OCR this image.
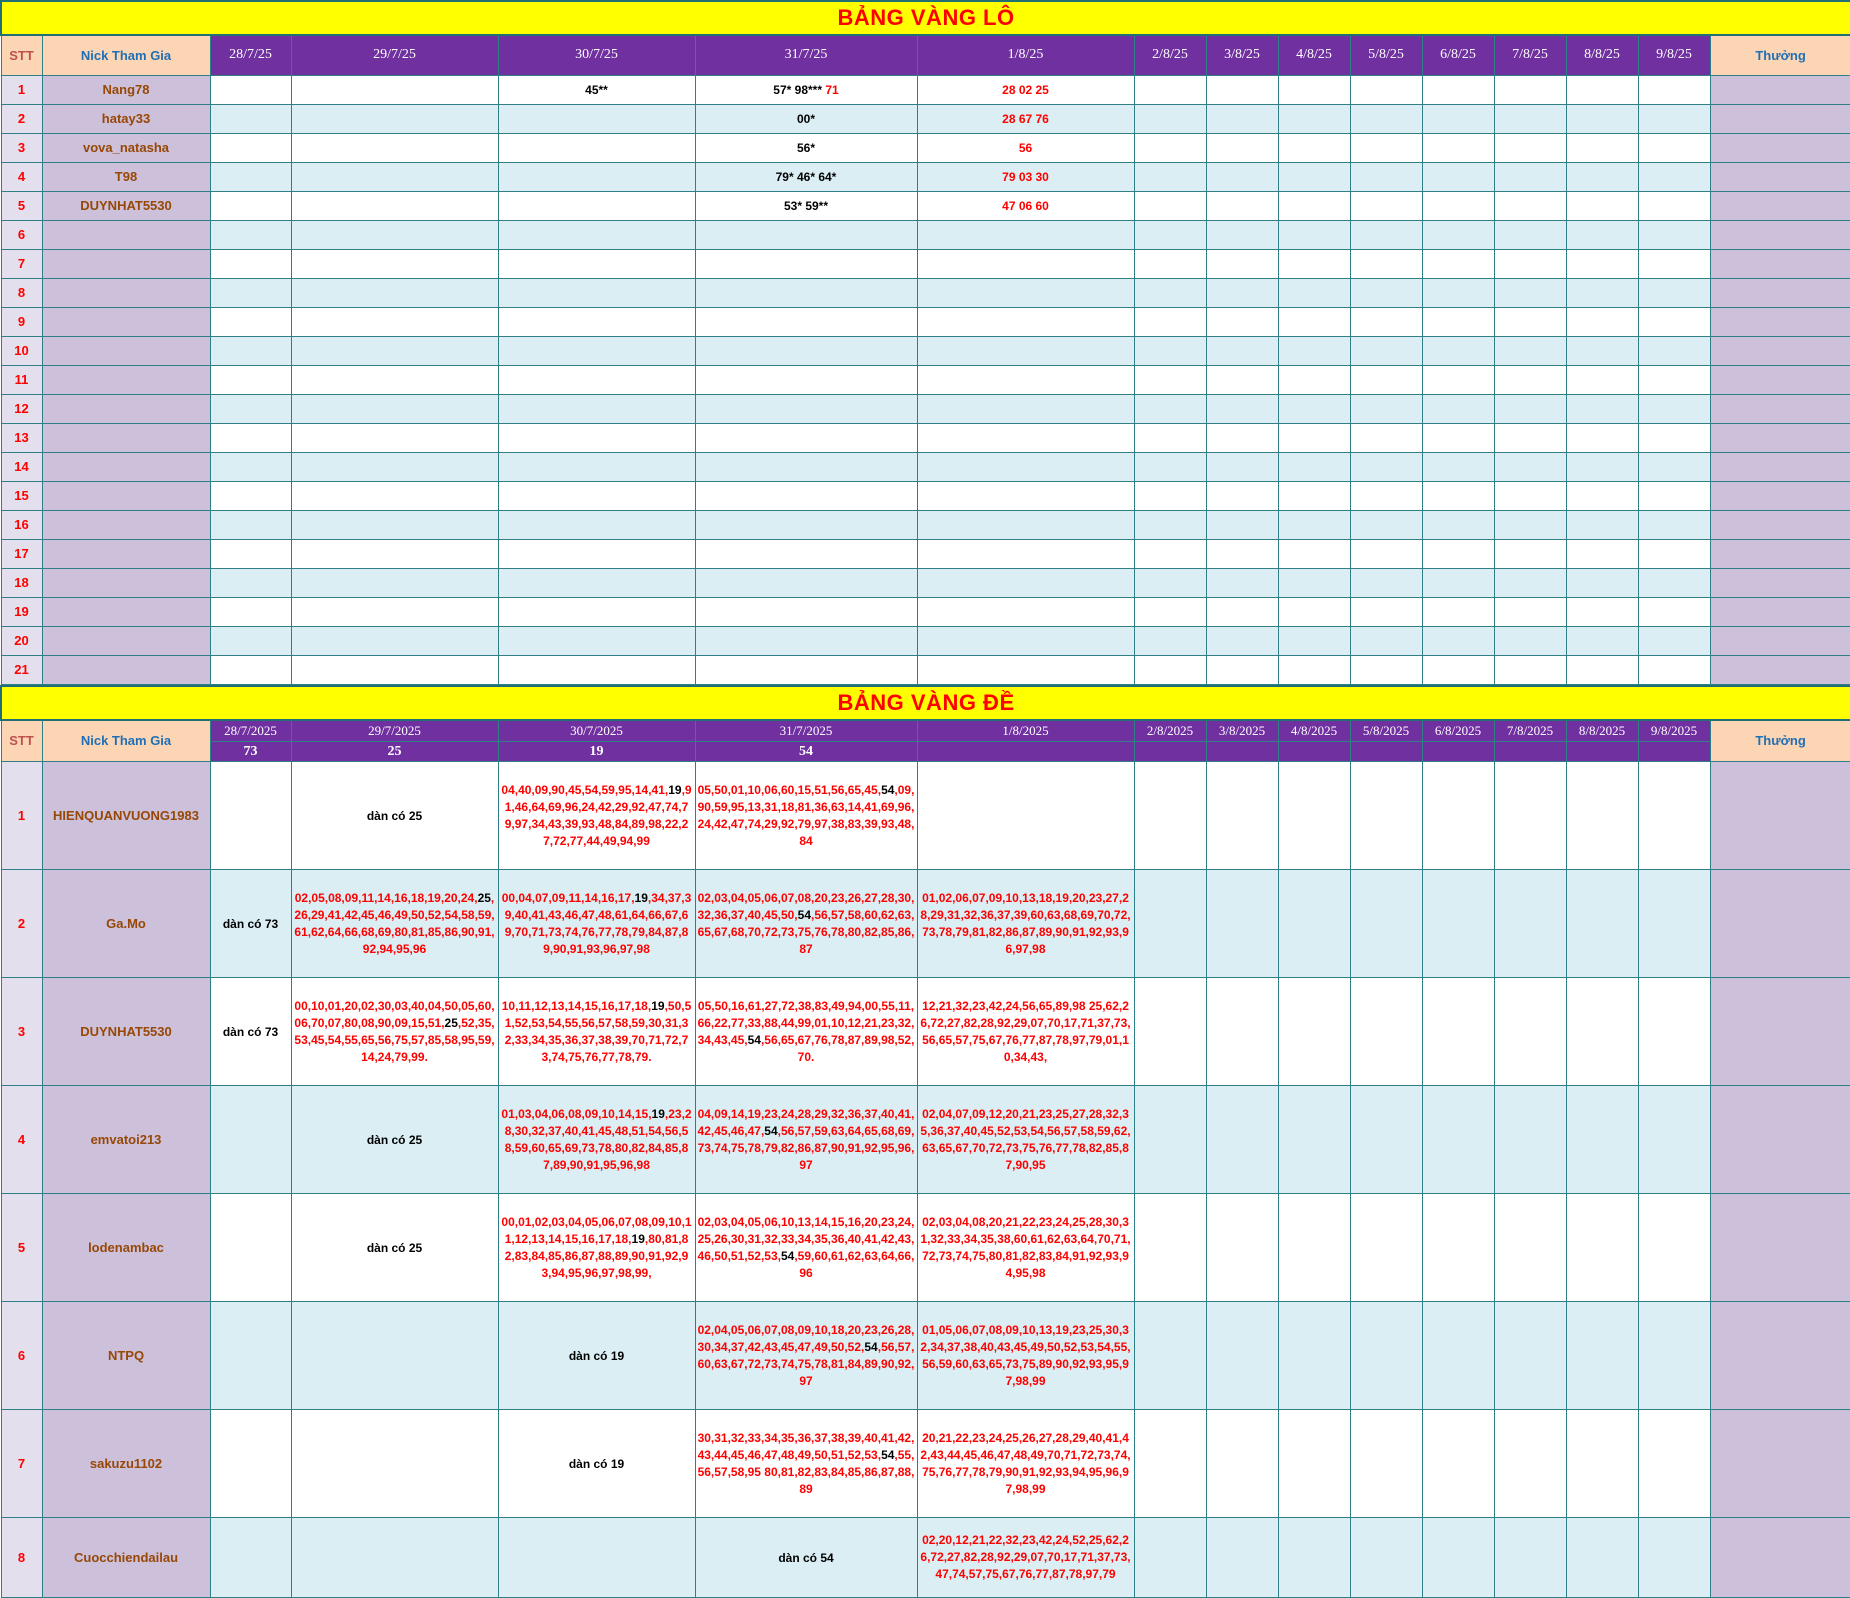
BẢNG VÀNG LÔ															
STT	Nick Tham Gia	28/7/25	29/7/25	30/7/25	31/7/25	1/8/25	2/8/25	3/8/25	4/8/25	5/8/25	6/8/25	7/8/25	8/8/25	9/8/25	Thưởng
1	Nang78			45**	57* 98*** 71	28 02 25									
2	hatay33				00*	28 67 76									
3	vova_natasha				56*	56									
4	T98				79* 46* 64*	79 03 30									
5	DUYNHAT5530				53* 59**	47 06 60									
6															
7															
8															
9															
10															
11															
12															
13															
14															
15															
16															
17															
18															
19															
20															
21															
BẢNG VÀNG ĐỀ															
STT	Nick Tham Gia	28/7/2025	29/7/2025	30/7/2025	31/7/2025	1/8/2025	2/8/2025	3/8/2025	4/8/2025	5/8/2025	6/8/2025	7/8/2025	8/8/2025	9/8/2025	Thưởng
		73	25	19	54										
1	HIENQUANVUONG1983		dàn có 25	04,40,09,90,45,54,59,95,14,41,19,91,46,64,69,96,24,42,29,92,47,74,79,97,34,43,39,93,48,84,89,98,22,27,72,77,44,49,94,99	05,50,01,10,06,60,15,51,56,65,45,54,09,90,59,95,13,31,18,81,36,63,14,41,69,96,24,42,47,74,29,92,79,97,38,83,39,93,48,84										

2	Ga.Mo	dàn có 73	02,05,08,09,11,14,16,18,19,20,24,25,26,29,41,42,45,46,49,50,52,54,58,59,61,62,64,66,68,69,80,81,85,86,90,91,92,94,95,96	00,04,07,09,11,14,16,17,19,34,37,39,40,41,43,46,47,48,61,64,66,67,69,70,71,73,74,76,77,78,79,84,87,89,90,91,93,96,97,98	02,03,04,05,06,07,08,20,23,26,27,28,30,32,36,37,40,45,50,54,56,57,58,60,62,63,65,67,68,70,72,73,75,76,78,80,82,85,86,87	01,02,06,07,09,10,13,18,19,20,23,27,28,29,31,32,36,37,39,60,63,68,69,70,72,73,78,79,81,82,86,87,89,90,91,92,93,96,97,98									

3	DUYNHAT5530	dàn có 73	00,10,01,20,02,30,03,40,04,50,05,60,06,70,07,80,08,90,09,15,51,25,52,35,53,45,54,55,65,56,75,57,85,58,95,59,14,24,79,99.	10,11,12,13,14,15,16,17,18,19,50,51,52,53,54,55,56,57,58,59,30,31,32,33,34,35,36,37,38,39,70,71,72,73,74,75,76,77,78,79.	05,50,16,61,27,72,38,83,49,94,00,55,11,66,22,77,33,88,44,99,01,10,12,21,23,32,34,43,45,54,56,65,67,76,78,87,89,98,52,70.	12,21,32,23,42,24,56,65,89,98 25,62,26,72,27,82,28,92,29,07,70,17,71,37,73,56,65,57,75,67,76,77,87,78,97,79,01,10,34,43,									

4	emvatoi213		dàn có 25	01,03,04,06,08,09,10,14,15,19,23,28,30,32,37,40,41,45,48,51,54,56,58,59,60,65,69,73,78,80,82,84,85,87,89,90,91,95,96,98	04,09,14,19,23,24,28,29,32,36,37,40,41,42,45,46,47,54,56,57,59,63,64,65,68,69,73,74,75,78,79,82,86,87,90,91,92,95,96,97	02,04,07,09,12,20,21,23,25,27,28,32,35,36,37,40,45,52,53,54,56,57,58,59,62,63,65,67,70,72,73,75,76,77,78,82,85,87,90,95									

5	lodenambac		dàn có 25	00,01,02,03,04,05,06,07,08,09,10,11,12,13,14,15,16,17,18,19,80,81,82,83,84,85,86,87,88,89,90,91,92,93,94,95,96,97,98,99,	02,03,04,05,06,10,13,14,15,16,20,23,24,25,26,30,31,32,33,34,35,36,40,41,42,43,46,50,51,52,53,54,59,60,61,62,63,64,66,96	02,03,04,08,20,21,22,23,24,25,28,30,31,32,33,34,35,38,60,61,62,63,64,70,71,72,73,74,75,80,81,82,83,84,91,92,93,94,95,98									

6	NTPQ			dàn có 19	02,04,05,06,07,08,09,10,18,20,23,26,28,30,34,37,42,43,45,47,49,50,52,54,56,57,60,63,67,72,73,74,75,78,81,84,89,90,92,97	01,05,06,07,08,09,10,13,19,23,25,30,32,34,37,38,40,43,45,49,50,52,53,54,55,56,59,60,63,65,73,75,89,90,92,93,95,97,98,99									

7	sakuzu1102			dàn có 19	30,31,32,33,34,35,36,37,38,39,40,41,42,43,44,45,46,47,48,49,50,51,52,53,54,55,56,57,58,95 80,81,82,83,84,85,86,87,88,89	20,21,22,23,24,25,26,27,28,29,40,41,42,43,44,45,46,47,48,49,70,71,72,73,74,75,76,77,78,79,90,91,92,93,94,95,96,97,98,99									

8	Cuocchiendailau				dàn có 54	02,20,12,21,22,32,23,42,24,52,25,62,26,72,27,82,28,92,29,07,70,17,71,37,73,47,74,57,75,67,76,77,87,78,97,79									
